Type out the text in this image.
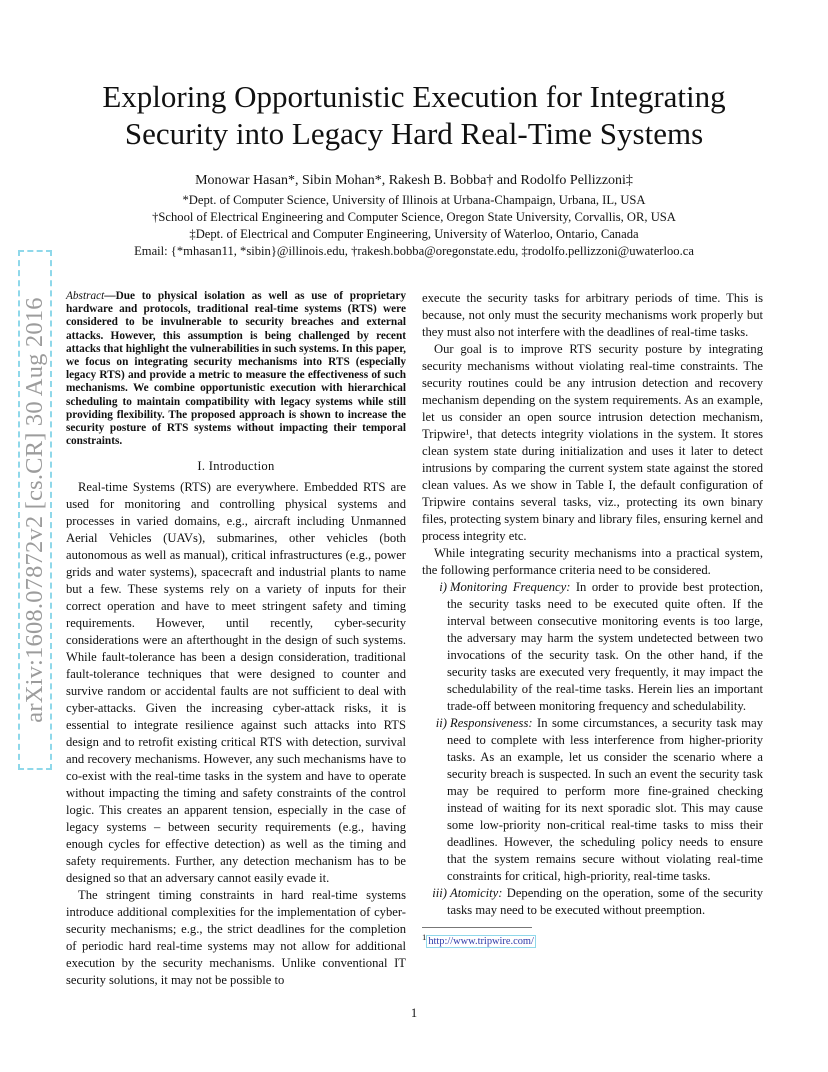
arXiv:1608.07872v2 [cs.CR] 30 Aug 2016
Exploring Opportunistic Execution for Integrating
Security into Legacy Hard Real-Time Systems
Monowar Hasan*, Sibin Mohan*, Rakesh B. Bobba† and Rodolfo Pellizzoni‡
*Dept. of Computer Science, University of Illinois at Urbana-Champaign, Urbana, IL, USA
†School of Electrical Engineering and Computer Science, Oregon State University, Corvallis, OR, USA
‡Dept. of Electrical and Computer Engineering, University of Waterloo, Ontario, Canada
Email: {*mhasan11, *sibin}@illinois.edu, †rakesh.bobba@oregonstate.edu, ‡rodolfo.pellizzoni@uwaterloo.ca
Abstract—Due to physical isolation as well as use of proprietary hardware and protocols, traditional real-time systems (RTS) were considered to be invulnerable to security breaches and external attacks. However, this assumption is being challenged by recent attacks that highlight the vulnerabilities in such systems. In this paper, we focus on integrating security mechanisms into RTS (especially legacy RTS) and provide a metric to measure the effectiveness of such mechanisms. We combine opportunistic execution with hierarchical scheduling to maintain compatibility with legacy systems while still providing flexibility. The proposed approach is shown to increase the security posture of RTS systems without impacting their temporal constraints.
I. Introduction

Real-time Systems (RTS) are everywhere. Embedded RTS are used for monitoring and controlling physical systems and processes in varied domains, e.g., aircraft including Unmanned Aerial Vehicles (UAVs), submarines, other vehicles (both autonomous as well as manual), critical infrastructures (e.g., power grids and water systems), spacecraft and industrial plants to name but a few. These systems rely on a variety of inputs for their correct operation and have to meet stringent safety and timing requirements. However, until recently, cyber-security considerations were an afterthought in the design of such systems. While fault-tolerance has been a design consideration, traditional fault-tolerance techniques that were designed to counter and survive random or accidental faults are not sufficient to deal with cyber-attacks. Given the increasing cyber-attack risks, it is essential to integrate resilience against such attacks into RTS design and to retrofit existing critical RTS with detection, survival and recovery mechanisms. However, any such mechanisms have to co-exist with the real-time tasks in the system and have to operate without impacting the timing and safety constraints of the control logic. This creates an apparent tension, especially in the case of legacy systems – between security requirements (e.g., having enough cycles for effective detection) as well as the timing and safety requirements. Further, any detection mechanism has to be designed so that an adversary cannot easily evade it.

The stringent timing constraints in hard real-time systems introduce additional complexities for the implementation of cyber-security mechanisms; e.g., the strict deadlines for the completion of periodic hard real-time systems may not allow for additional execution by the security mechanisms. Unlike conventional IT security solutions, it may not be possible to

execute the security tasks for arbitrary periods of time. This is because, not only must the security mechanisms work properly but they must also not interfere with the deadlines of real-time tasks.

Our goal is to improve RTS security posture by integrating security mechanisms without violating real-time constraints. The security routines could be any intrusion detection and recovery mechanism depending on the system requirements. As an example, let us consider an open source intrusion detection mechanism, Tripwire¹, that detects integrity violations in the system. It stores clean system state during initialization and uses it later to detect intrusions by comparing the current system state against the stored clean values. As we show in Table I, the default configuration of Tripwire contains several tasks, viz., protecting its own binary files, protecting system binary and library files, ensuring kernel and process integrity etc.

While integrating security mechanisms into a practical system, the following performance criteria need to be considered.

i) Monitoring Frequency: In order to provide best protection, the security tasks need to be executed quite often. If the interval between consecutive monitoring events is too large, the adversary may harm the system undetected between two invocations of the security task. On the other hand, if the security tasks are executed very frequently, it may impact the schedulability of the real-time tasks. Herein lies an important trade-off between monitoring frequency and schedulability.
ii) Responsiveness: In some circumstances, a security task may need to complete with less interference from higher-priority tasks. As an example, let us consider the scenario where a security breach is suspected. In such an event the security task may be required to perform more fine-grained checking instead of waiting for its next sporadic slot. This may cause some low-priority non-critical real-time tasks to miss their deadlines. However, the scheduling policy needs to ensure that the system remains secure without violating real-time constraints for critical, high-priority, real-time tasks.
iii) Atomicity: Depending on the operation, some of the security tasks may need to be executed without preemption.
$^1$ http://www.tripwire.com/
1
